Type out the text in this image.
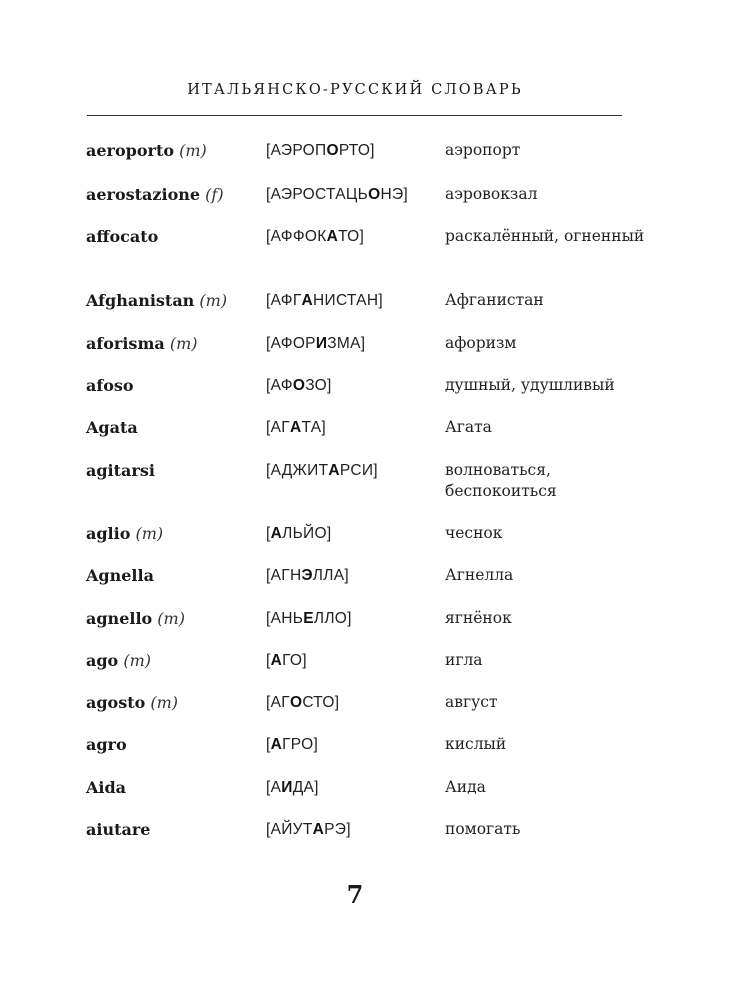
ИТАЛЬЯНСКО-РУССКИЙ СЛОВАРЬ
aeroporto (m)	[АЭРОПОРТО]	аэропорт
aerostazione (f)	[АЭРОСТАЦЬОНЭ]	аэровокзал
affocato	[АФФОКАТО]	раскалённый, огненный
Afghanistan (m)	[АФГАНИСТАН]	Афганистан
aforisma (m)	[АФОРИЗМА]	афоризм
afoso	[АФОЗО]	душный, удушливый
Agata	[АГАТА]	Агата
agitarsi	[АДЖИТАРСИ]	волноваться, беспокоиться
aglio (m)	[АЛЬЙО]	чеснок
Agnella	[АГНЭЛЛА]	Агнелла
agnello (m)	[АНЬЕЛЛО]	ягнёнок
ago (m)	[АГО]	игла
agosto (m)	[АГОСТО]	август
agro	[АГРО]	кислый
Aida	[АИДА]	Аида
aiutare	[АЙУТАРЭ]	помогать
7
